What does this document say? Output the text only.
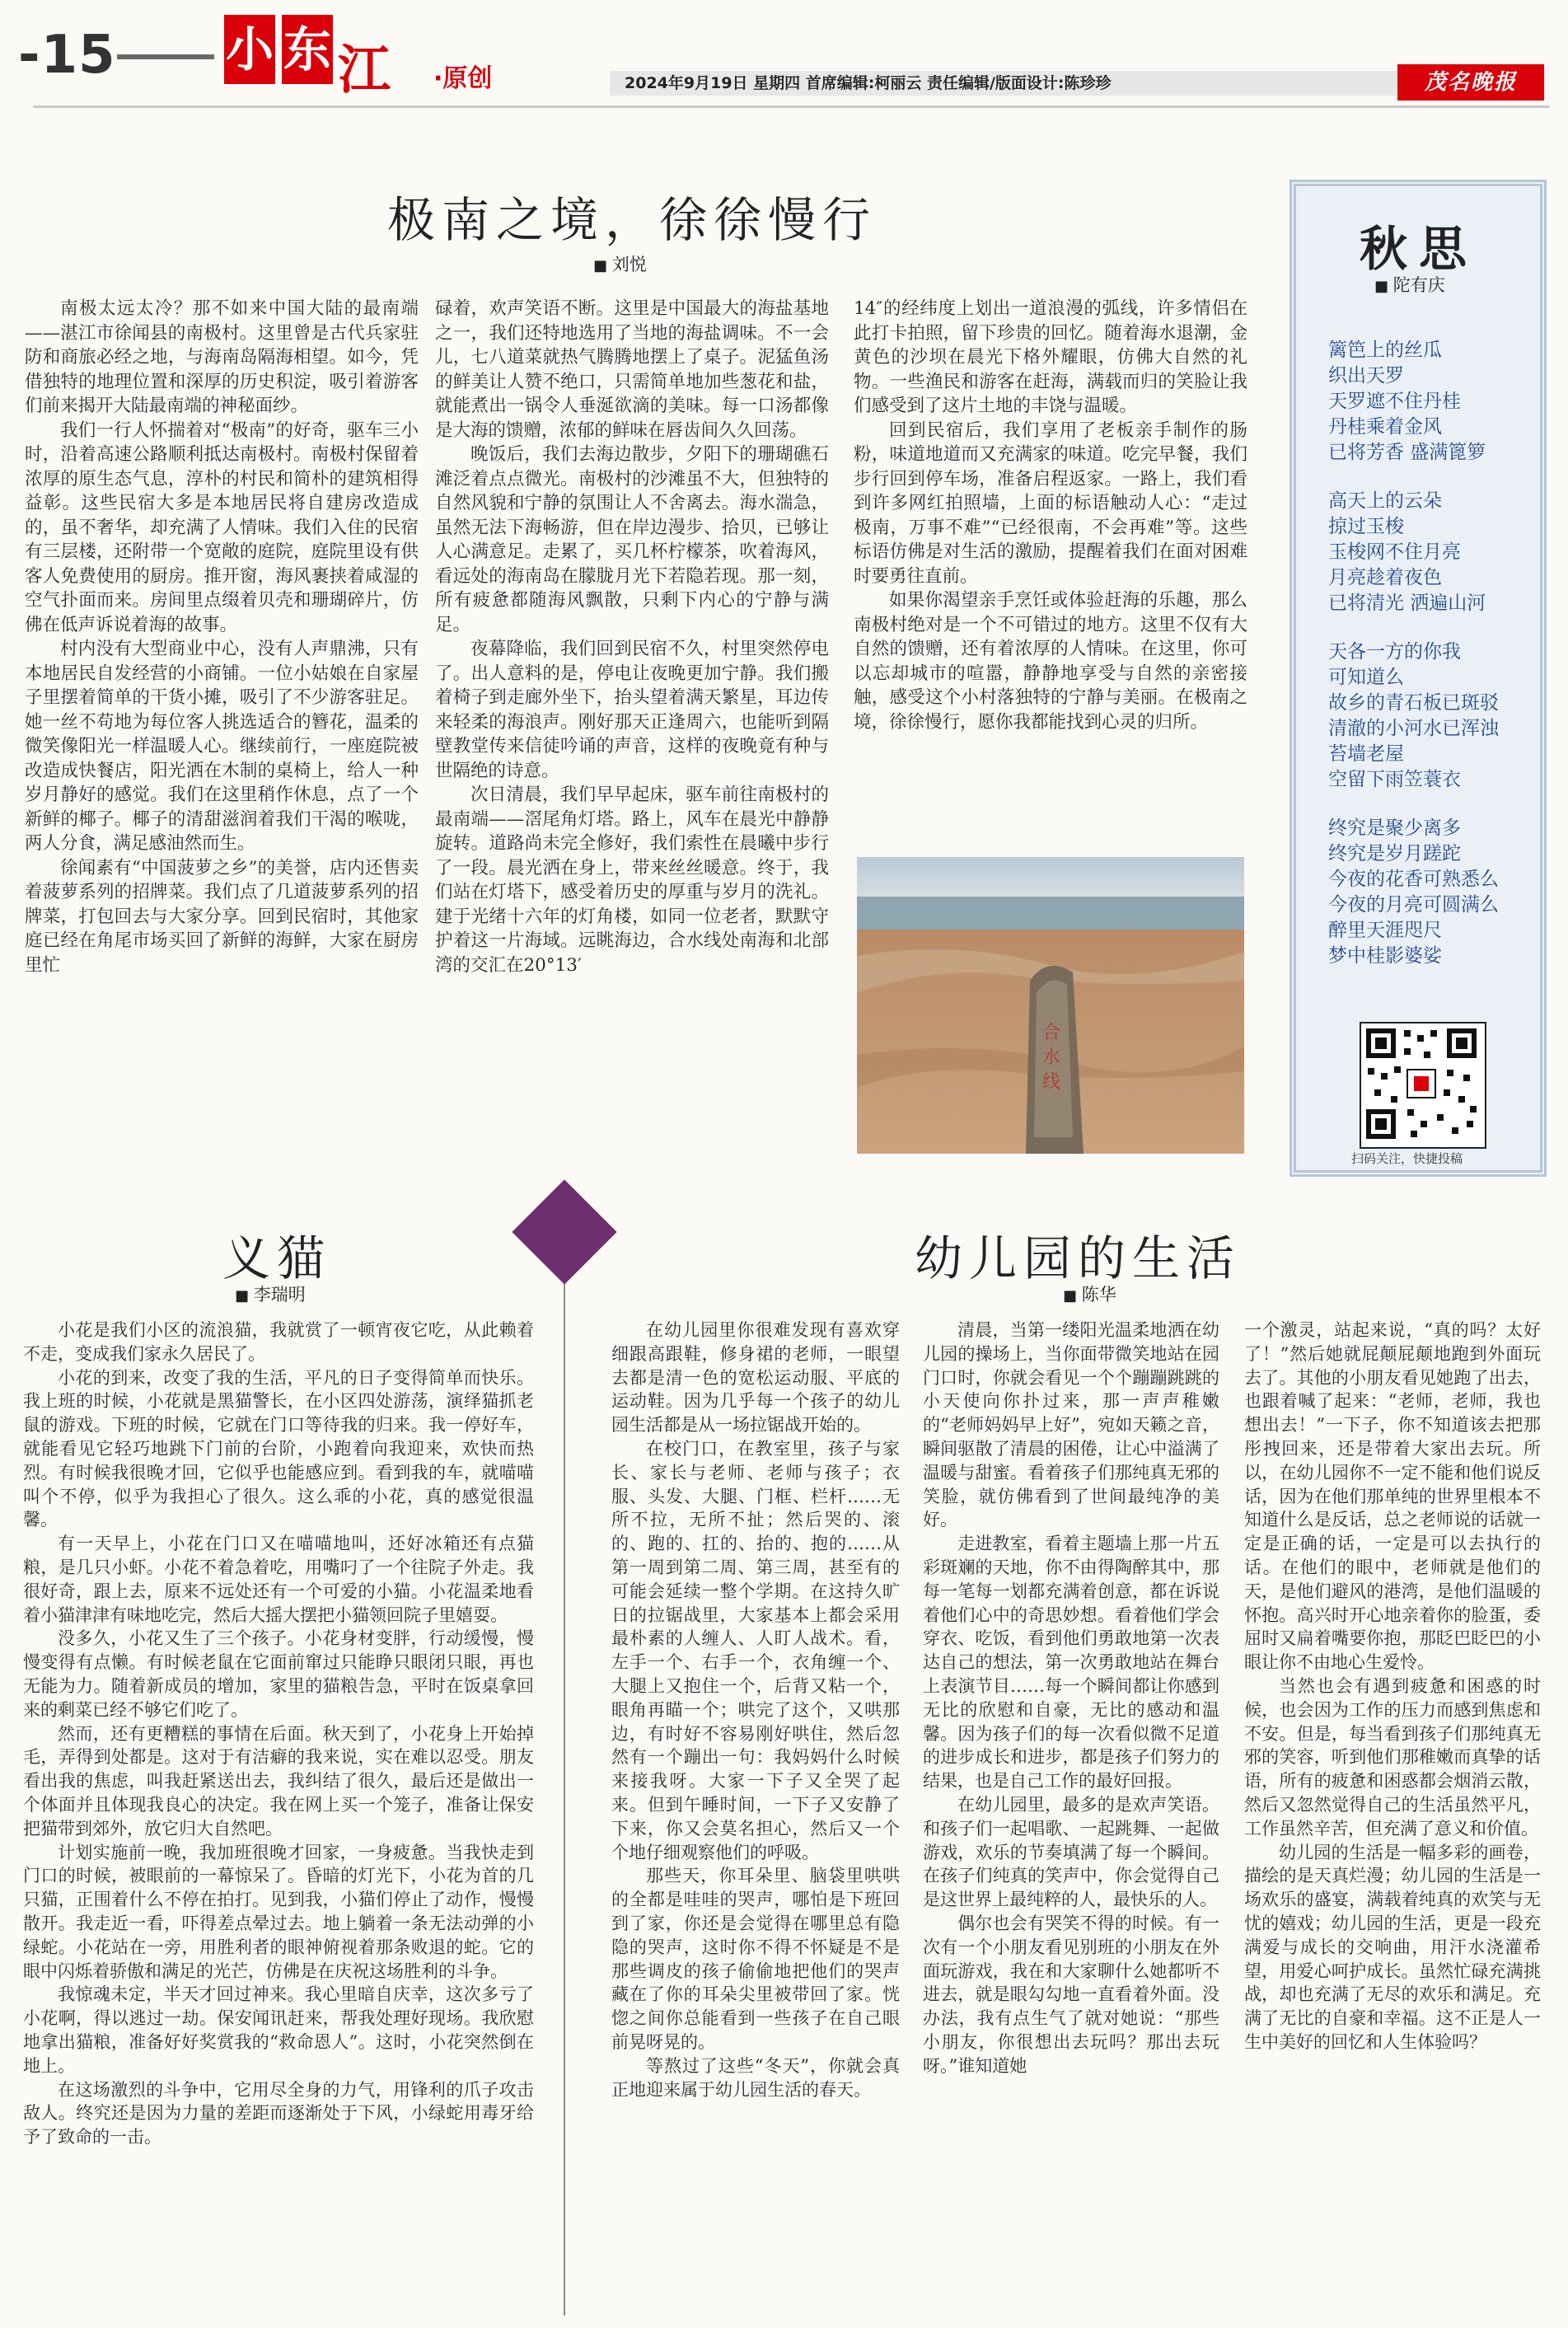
-15 小 东 江 ·原创	2024年9月19日 星期四 首席编辑:柯丽云 责任编辑/版面设计:陈珍珍	茂名晚报
极南之境，徐徐慢行
■ 刘悦

南极太远太冷？那不如来中国大陆的最南端——湛江市徐闻县的南极村。这里曾是古代兵家驻防和商旅必经之地，与海南岛隔海相望。如今，凭借独特的地理位置和深厚的历史积淀，吸引着游客们前来揭开大陆最南端的神秘面纱。

我们一行人怀揣着对“极南”的好奇，驱车三小时，沿着高速公路顺利抵达南极村。南极村保留着浓厚的原生态气息，淳朴的村民和简朴的建筑相得益彰。这些民宿大多是本地居民将自建房改造成的，虽不奢华，却充满了人情味。我们入住的民宿有三层楼，还附带一个宽敞的庭院，庭院里设有供客人免费使用的厨房。推开窗，海风裹挟着咸湿的空气扑面而来。房间里点缀着贝壳和珊瑚碎片，仿佛在低声诉说着海的故事。

村内没有大型商业中心，没有人声鼎沸，只有本地居民自发经营的小商铺。一位小姑娘在自家屋子里摆着简单的干货小摊，吸引了不少游客驻足。她一丝不苟地为每位客人挑选适合的簪花，温柔的微笑像阳光一样温暖人心。继续前行，一座庭院被改造成快餐店，阳光洒在木制的桌椅上，给人一种岁月静好的感觉。我们在这里稍作休息，点了一个新鲜的椰子。椰子的清甜滋润着我们干渴的喉咙，两人分食，满足感油然而生。

徐闻素有“中国菠萝之乡”的美誉，店内还售卖着菠萝系列的招牌菜。我们点了几道菠萝系列的招牌菜，打包回去与大家分享。回到民宿时，其他家庭已经在角尾市场买回了新鲜的海鲜，大家在厨房里忙

碌着，欢声笑语不断。这里是中国最大的海盐基地之一，我们还特地选用了当地的海盐调味。不一会儿，七八道菜就热气腾腾地摆上了桌子。泥猛鱼汤的鲜美让人赞不绝口，只需简单地加些葱花和盐，就能煮出一锅令人垂涎欲滴的美味。每一口汤都像是大海的馈赠，浓郁的鲜味在唇齿间久久回荡。

晚饭后，我们去海边散步，夕阳下的珊瑚礁石滩泛着点点微光。南极村的沙滩虽不大，但独特的自然风貌和宁静的氛围让人不舍离去。海水湍急，虽然无法下海畅游，但在岸边漫步、拾贝，已够让人心满意足。走累了，买几杯柠檬茶，吹着海风，看远处的海南岛在朦胧月光下若隐若现。那一刻，所有疲惫都随海风飘散，只剩下内心的宁静与满足。

夜幕降临，我们回到民宿不久，村里突然停电了。出人意料的是，停电让夜晚更加宁静。我们搬着椅子到走廊外坐下，抬头望着满天繁星，耳边传来轻柔的海浪声。刚好那天正逢周六，也能听到隔壁教堂传来信徒吟诵的声音，这样的夜晚竟有种与世隔绝的诗意。

次日清晨，我们早早起床，驱车前往南极村的最南端——滘尾角灯塔。路上，风车在晨光中静静旋转。道路尚未完全修好，我们索性在晨曦中步行了一段。晨光洒在身上，带来丝丝暖意。终于，我们站在灯塔下，感受着历史的厚重与岁月的洗礼。建于光绪十六年的灯角楼，如同一位老者，默默守护着这一片海域。远眺海边，合水线处南海和北部湾的交汇在20°13′

14″的经纬度上划出一道浪漫的弧线，许多情侣在此打卡拍照，留下珍贵的回忆。随着海水退潮，金黄色的沙坝在晨光下格外耀眼，仿佛大自然的礼物。一些渔民和游客在赶海，满载而归的笑脸让我们感受到了这片土地的丰饶与温暖。

回到民宿后，我们享用了老板亲手制作的肠粉，味道地道而又充满家的味道。吃完早餐，我们步行回到停车场，准备启程返家。一路上，我们看到许多网红拍照墙，上面的标语触动人心：“走过极南，万事不难”“已经很南，不会再难”等。这些标语仿佛是对生活的激励，提醒着我们在面对困难时要勇往直前。

如果你渴望亲手烹饪或体验赶海的乐趣，那么南极村绝对是一个不可错过的地方。这里不仅有大自然的馈赠，还有着浓厚的人情味。在这里，你可以忘却城市的喧嚣，静静地享受与自然的亲密接触，感受这个小村落独特的宁静与美丽。在极南之境，徐徐慢行，愿你我都能找到心灵的归所。

合
水
线
秋思
■ 陀有庆
篱笆上的丝瓜
织出天罗
天罗遮不住丹桂
丹桂乘着金风
已将芳香 盛满篦箩
高天上的云朵
掠过玉梭
玉梭网不住月亮
月亮趁着夜色
已将清光 洒遍山河
天各一方的你我
可知道么
故乡的青石板已斑驳
清澈的小河水已浑浊
苔墙老屋
空留下雨笠蓑衣
终究是聚少离多
终究是岁月蹉跎
今夜的花香可熟悉么
今夜的月亮可圆满么
醉里天涯咫尺
梦中桂影婆娑
扫码关注，快捷投稿
义猫
■ 李瑞明

小花是我们小区的流浪猫，我就赏了一顿宵夜它吃，从此赖着不走，变成我们家永久居民了。

小花的到来，改变了我的生活，平凡的日子变得简单而快乐。我上班的时候，小花就是黑猫警长，在小区四处游荡，演绎猫抓老鼠的游戏。下班的时候，它就在门口等待我的归来。我一停好车，就能看见它轻巧地跳下门前的台阶，小跑着向我迎来，欢快而热烈。有时候我很晚才回，它似乎也能感应到。看到我的车，就喵喵叫个不停，似乎为我担心了很久。这么乖的小花，真的感觉很温馨。

有一天早上，小花在门口又在喵喵地叫，还好冰箱还有点猫粮，是几只小虾。小花不着急着吃，用嘴叼了一个往院子外走。我很好奇，跟上去，原来不远处还有一个可爱的小猫。小花温柔地看着小猫津津有味地吃完，然后大摇大摆把小猫领回院子里嬉耍。

没多久，小花又生了三个孩子。小花身材变胖，行动缓慢，慢慢变得有点懒。有时候老鼠在它面前窜过只能睁只眼闭只眼，再也无能为力。随着新成员的增加，家里的猫粮告急，平时在饭桌拿回来的剩菜已经不够它们吃了。

然而，还有更糟糕的事情在后面。秋天到了，小花身上开始掉毛，弄得到处都是。这对于有洁癖的我来说，实在难以忍受。朋友看出我的焦虑，叫我赶紧送出去，我纠结了很久，最后还是做出一个体面并且体现我良心的决定。我在网上买一个笼子，准备让保安把猫带到郊外，放它归大自然吧。

计划实施前一晚，我加班很晚才回家，一身疲惫。当我快走到门口的时候，被眼前的一幕惊呆了。昏暗的灯光下，小花为首的几只猫，正围着什么不停在拍打。见到我，小猫们停止了动作，慢慢散开。我走近一看，吓得差点晕过去。地上躺着一条无法动弹的小绿蛇。小花站在一旁，用胜利者的眼神俯视着那条败退的蛇。它的眼中闪烁着骄傲和满足的光芒，仿佛是在庆祝这场胜利的斗争。

我惊魂未定，半天才回过神来。我心里暗自庆幸，这次多亏了小花啊，得以逃过一劫。保安闻讯赶来，帮我处理好现场。我欣慰地拿出猫粮，准备好好奖赏我的“救命恩人”。这时，小花突然倒在地上。

在这场激烈的斗争中，它用尽全身的力气，用锋利的爪子攻击敌人。终究还是因为力量的差距而逐渐处于下风，小绿蛇用毒牙给予了致命的一击。

幼儿园的生活
■ 陈华

在幼儿园里你很难发现有喜欢穿细跟高跟鞋，修身裙的老师，一眼望去都是清一色的宽松运动服、平底的运动鞋。因为几乎每一个孩子的幼儿园生活都是从一场拉锯战开始的。

在校门口，在教室里，孩子与家长、家长与老师、老师与孩子；衣服、头发、大腿、门框、栏杆……无所不拉，无所不扯；然后哭的、滚的、跑的、扛的、抬的、抱的……从第一周到第二周、第三周，甚至有的可能会延续一整个学期。在这持久旷日的拉锯战里，大家基本上都会采用最朴素的人缠人、人盯人战术。看，左手一个、右手一个，衣角缠一个、大腿上又抱住一个，后背又粘一个，眼角再瞄一个；哄完了这个，又哄那边，有时好不容易刚好哄住，然后忽然有一个蹦出一句：我妈妈什么时候来接我呀。大家一下子又全哭了起来。但到午睡时间，一下子又安静了下来，你又会莫名担心，然后又一个个地仔细观察他们的呼吸。

那些天，你耳朵里、脑袋里哄哄的全都是哇哇的哭声，哪怕是下班回到了家，你还是会觉得在哪里总有隐隐的哭声，这时你不得不怀疑是不是那些调皮的孩子偷偷地把他们的哭声藏在了你的耳朵尖里被带回了家。恍惚之间你总能看到一些孩子在自己眼前晃呀晃的。

等熬过了这些“冬天”，你就会真正地迎来属于幼儿园生活的春天。

清晨，当第一缕阳光温柔地洒在幼儿园的操场上，当你面带微笑地站在园门口时，你就会看见一个个蹦蹦跳跳的小天使向你扑过来，那一声声稚嫩的“老师妈妈早上好”，宛如天籁之音，瞬间驱散了清晨的困倦，让心中溢满了温暖与甜蜜。看着孩子们那纯真无邪的笑脸，就仿佛看到了世间最纯净的美好。

走进教室，看着主题墙上那一片五彩斑斓的天地，你不由得陶醉其中，那每一笔每一划都充满着创意，都在诉说着他们心中的奇思妙想。看着他们学会穿衣、吃饭，看到他们勇敢地第一次表达自己的想法，第一次勇敢地站在舞台上表演节目……每一个瞬间都让你感到无比的欣慰和自豪，无比的感动和温馨。因为孩子们的每一次看似微不足道的进步成长和进步，都是孩子们努力的结果，也是自己工作的最好回报。

在幼儿园里，最多的是欢声笑语。和孩子们一起唱歌、一起跳舞、一起做游戏，欢乐的节奏填满了每一个瞬间。在孩子们纯真的笑声中，你会觉得自己是这世界上最纯粹的人，最快乐的人。

偶尔也会有哭笑不得的时候。有一次有一个小朋友看见别班的小朋友在外面玩游戏，我在和大家聊什么她都听不进去，就是眼勾勾地一直看着外面。没办法，我有点生气了就对她说：“那些小朋友，你很想出去玩吗？那出去玩呀。”谁知道她

一个激灵，站起来说，“真的吗？太好了！”然后她就屁颠屁颠地跑到外面玩去了。其他的小朋友看见她跑了出去，也跟着喊了起来：“老师，老师，我也想出去！”一下子，你不知道该去把那彤拽回来，还是带着大家出去玩。所以，在幼儿园你不一定不能和他们说反话，因为在他们那单纯的世界里根本不知道什么是反话，总之老师说的话就一定是正确的话，一定是可以去执行的话。在他们的眼中，老师就是他们的天，是他们避风的港湾，是他们温暖的怀抱。高兴时开心地亲着你的脸蛋，委屈时又扁着嘴要你抱，那眨巴眨巴的小眼让你不由地心生爱怜。

当然也会有遇到疲惫和困惑的时候，也会因为工作的压力而感到焦虑和不安。但是，每当看到孩子们那纯真无邪的笑容，听到他们那稚嫩而真挚的话语，所有的疲惫和困惑都会烟消云散，然后又忽然觉得自己的生活虽然平凡，工作虽然辛苦，但充满了意义和价值。

幼儿园的生活是一幅多彩的画卷，描绘的是天真烂漫；幼儿园的生活是一场欢乐的盛宴，满载着纯真的欢笑与无忧的嬉戏；幼儿园的生活，更是一段充满爱与成长的交响曲，用汗水浇灌希望，用爱心呵护成长。虽然忙碌充满挑战，却也充满了无尽的欢乐和满足。充满了无比的自豪和幸福。这不正是人一生中美好的回忆和人生体验吗？
